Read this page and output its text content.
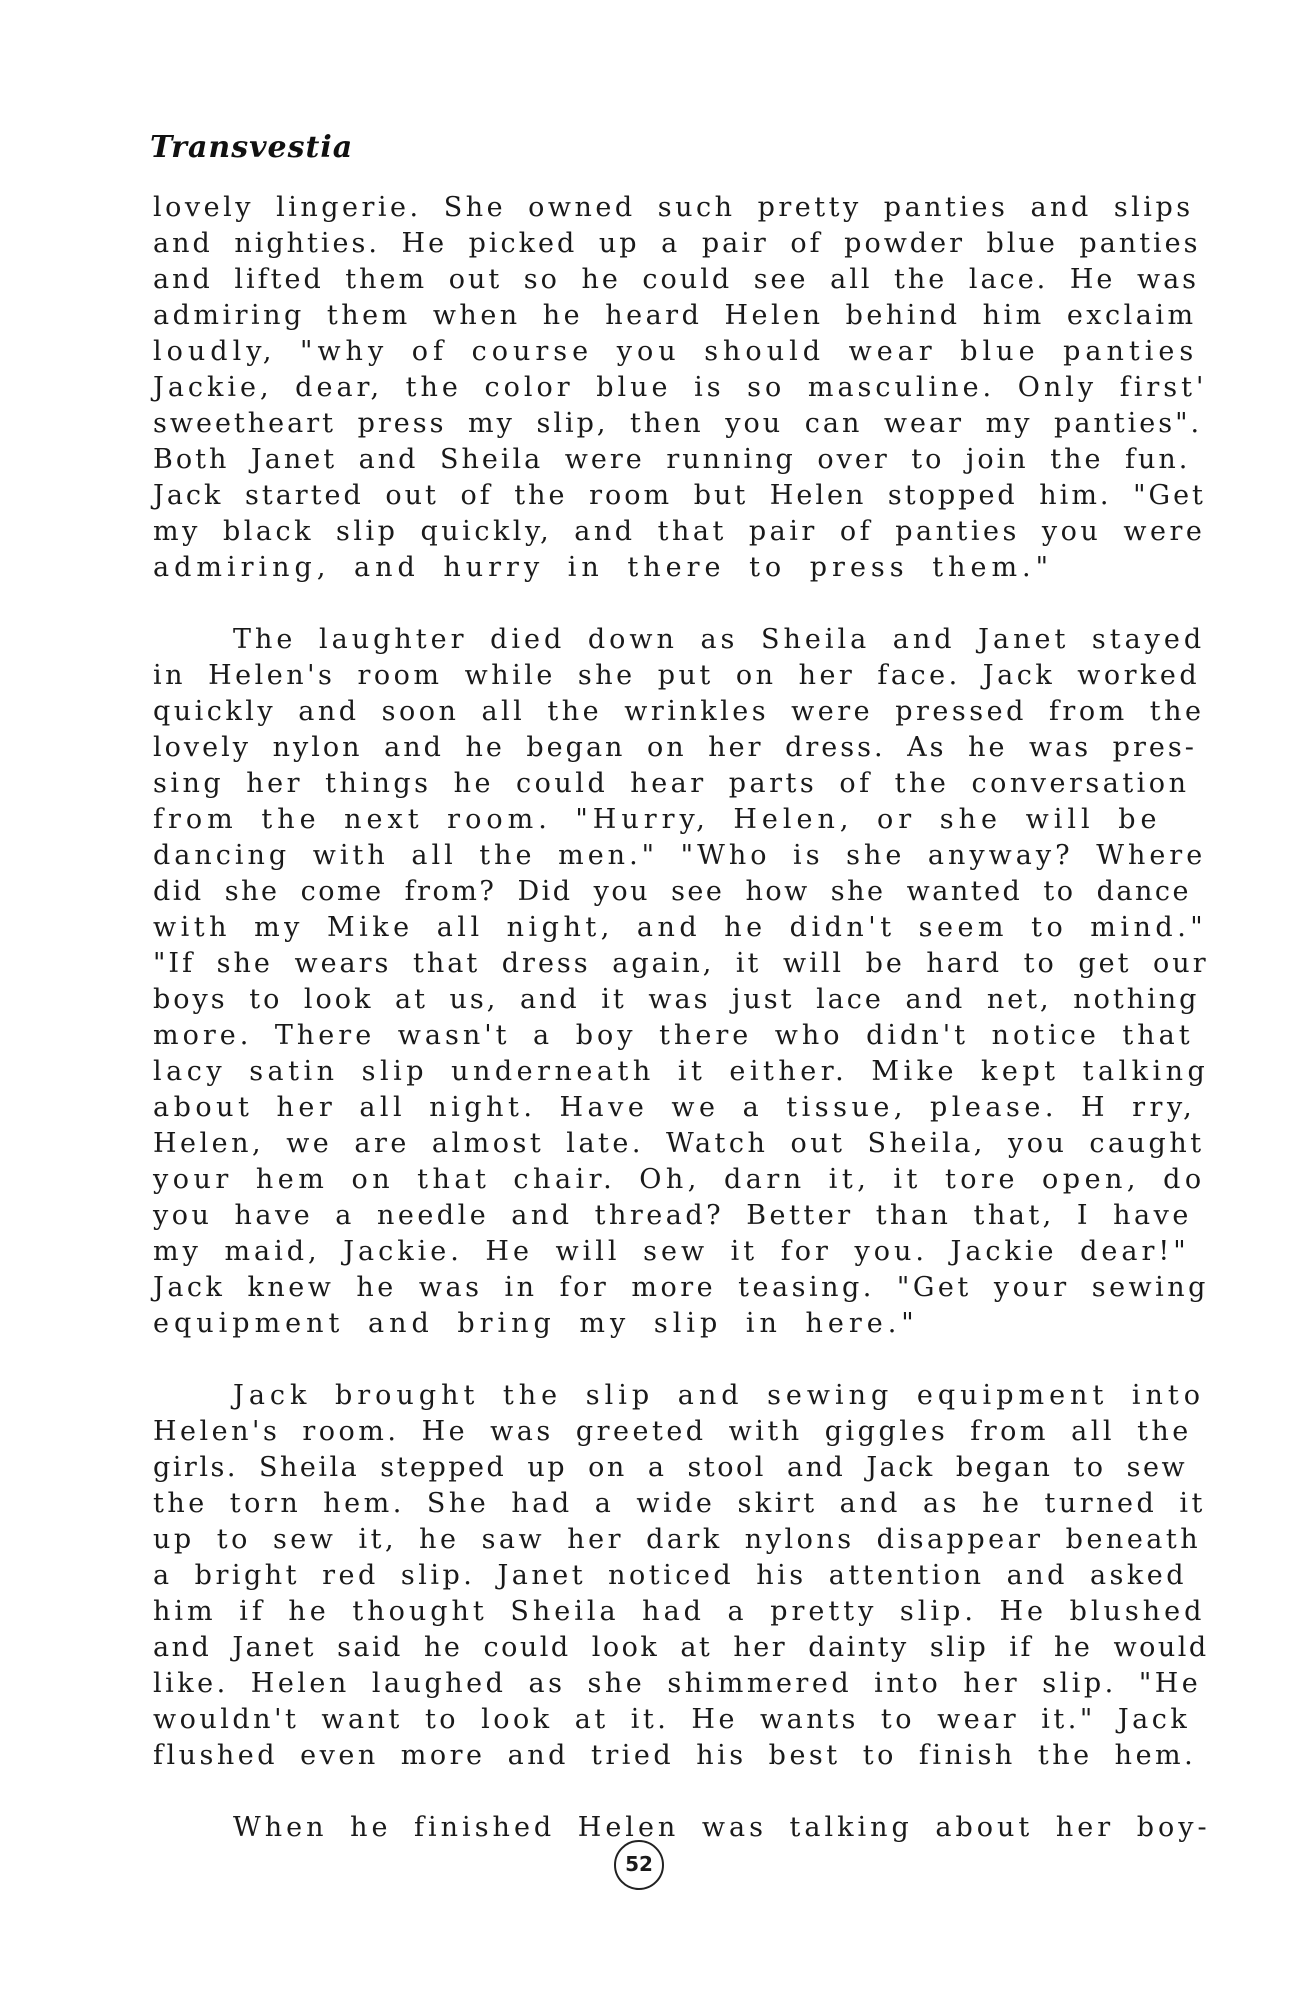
Transvestia
lovely lingerie. She owned such pretty panties and slips
and nighties. He picked up a pair of powder blue panties
and lifted them out so he could see all the lace. He was
admiring them when he heard Helen behind him exclaim
loudly, "why of course you should wear blue panties
Jackie, dear, the color blue is so masculine. Only first'
sweetheart press my slip, then you can wear my panties".
Both Janet and Sheila were running over to join the fun.
Jack started out of the room but Helen stopped him. "Get
my black slip quickly, and that pair of panties you were
admiring, and hurry in there to press them."
The laughter died down as Sheila and Janet stayed
in Helen's room while she put on her face. Jack worked
quickly and soon all the wrinkles were pressed from the
lovely nylon and he began on her dress. As he was pres-
sing her things he could hear parts of the conversation
from the next room. "Hurry, Helen, or she will be
dancing with all the men." "Who is she anyway? Where
did she come from? Did you see how she wanted to dance
with my Mike all night, and he didn't seem to mind."
"If she wears that dress again, it will be hard to get our
boys to look at us, and it was just lace and net, nothing
more. There wasn't a boy there who didn't notice that
lacy satin slip underneath it either. Mike kept talking
about her all night. Have we a tissue, please. H rry,
Helen, we are almost late. Watch out Sheila, you caught
your hem on that chair. Oh, darn it, it tore open, do
you have a needle and thread? Better than that, I have
my maid, Jackie. He will sew it for you. Jackie dear!"
Jack knew he was in for more teasing. "Get your sewing
equipment and bring my slip in here."
Jack brought the slip and sewing equipment into
Helen's room. He was greeted with giggles from all the
girls. Sheila stepped up on a stool and Jack began to sew
the torn hem. She had a wide skirt and as he turned it
up to sew it, he saw her dark nylons disappear beneath
a bright red slip. Janet noticed his attention and asked
him if he thought Sheila had a pretty slip. He blushed
and Janet said he could look at her dainty slip if he would
like. Helen laughed as she shimmered into her slip. "He
wouldn't want to look at it. He wants to wear it." Jack
flushed even more and tried his best to finish the hem.
When he finished Helen was talking about her boy-
52
